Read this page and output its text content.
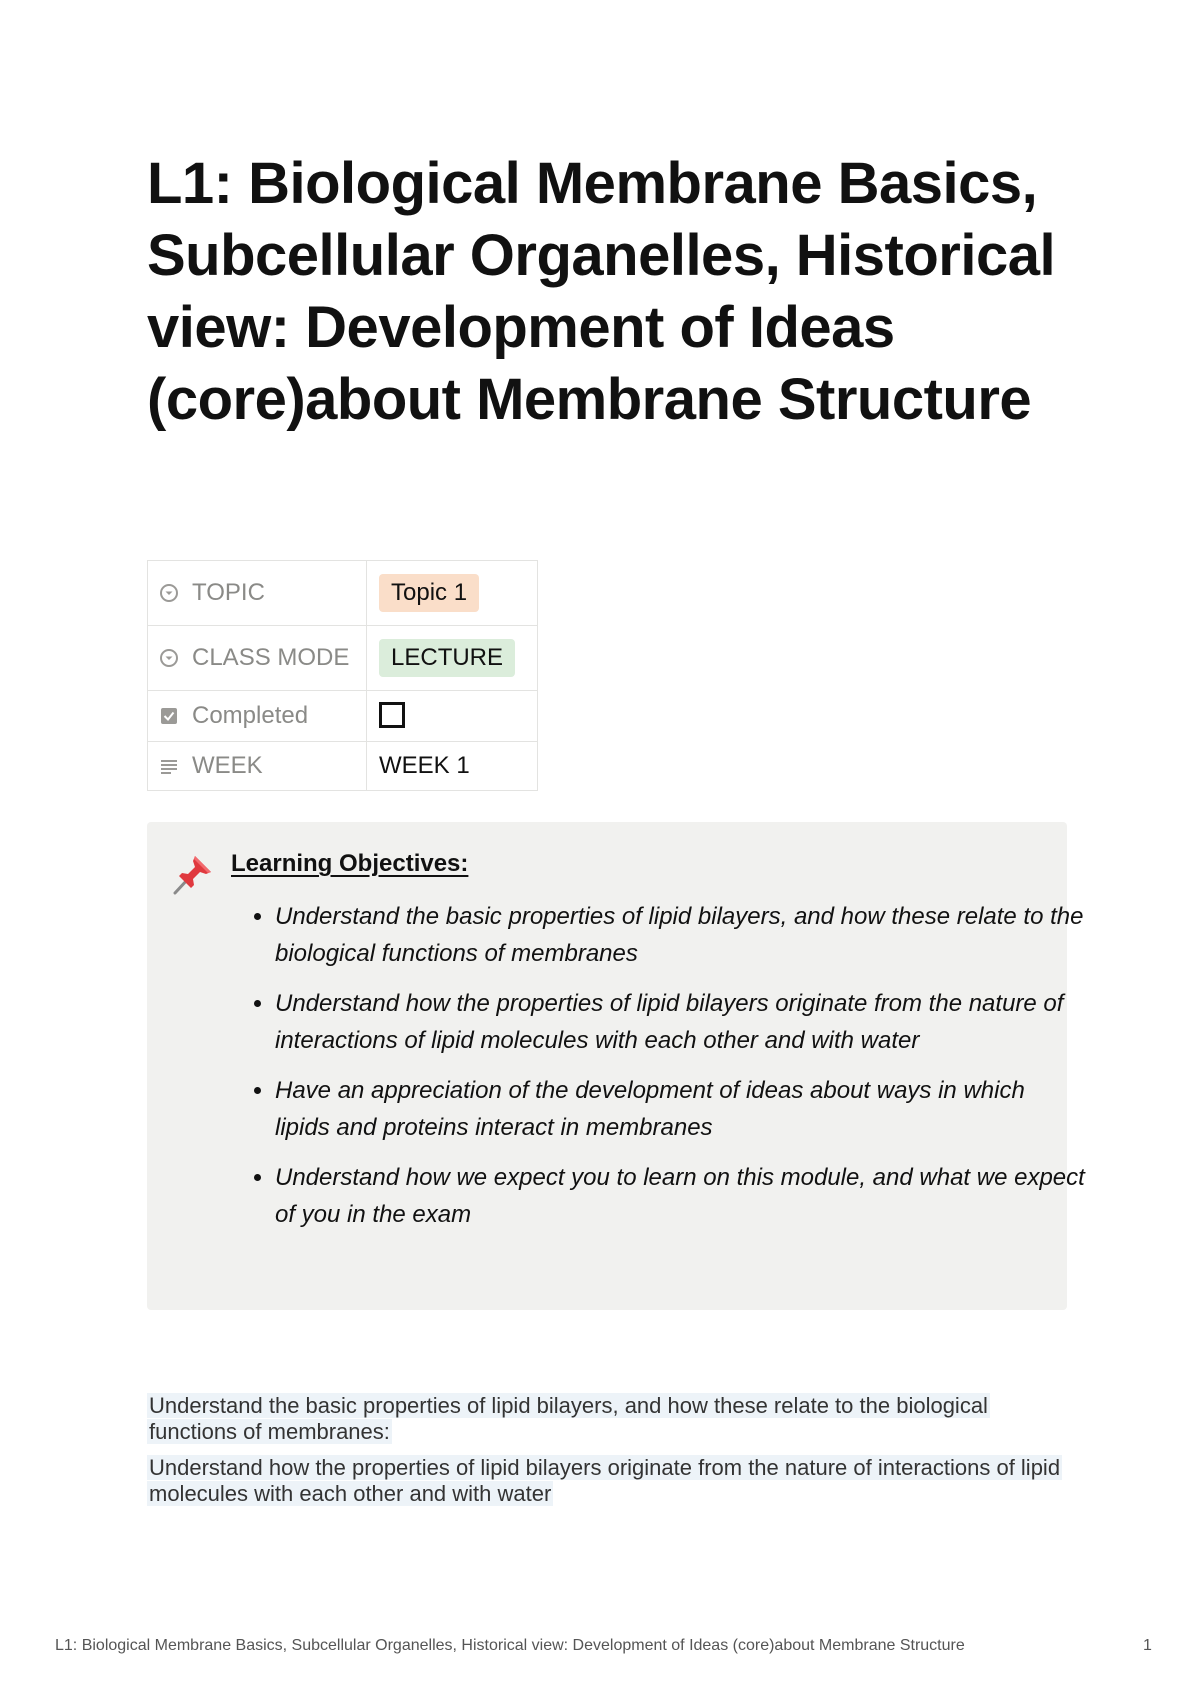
L1: Biological Membrane Basics, Subcellular Organelles, Historical view: Development of Ideas (core)about Membrane Structure
TOPIC	Topic 1

CLASS MODE	LECTURE

Completed	

WEEK	WEEK 1
Learning Objectives:
• Understand the basic properties of lipid bilayers, and how these relate to the biological functions of membranes
• Understand how the properties of lipid bilayers originate from the nature of interactions of lipid molecules with each other and with water
• Have an appreciation of the development of ideas about ways in which lipids and proteins interact in membranes
• Understand how we expect you to learn on this module, and what we expect of you in the exam
Understand the basic properties of lipid bilayers, and how these relate to the biological functions of membranes:
Understand how the properties of lipid bilayers originate from the nature of interactions of lipid molecules with each other and with water
L1: Biological Membrane Basics, Subcellular Organelles, Historical view: Development of Ideas (core)about Membrane Structure	1
